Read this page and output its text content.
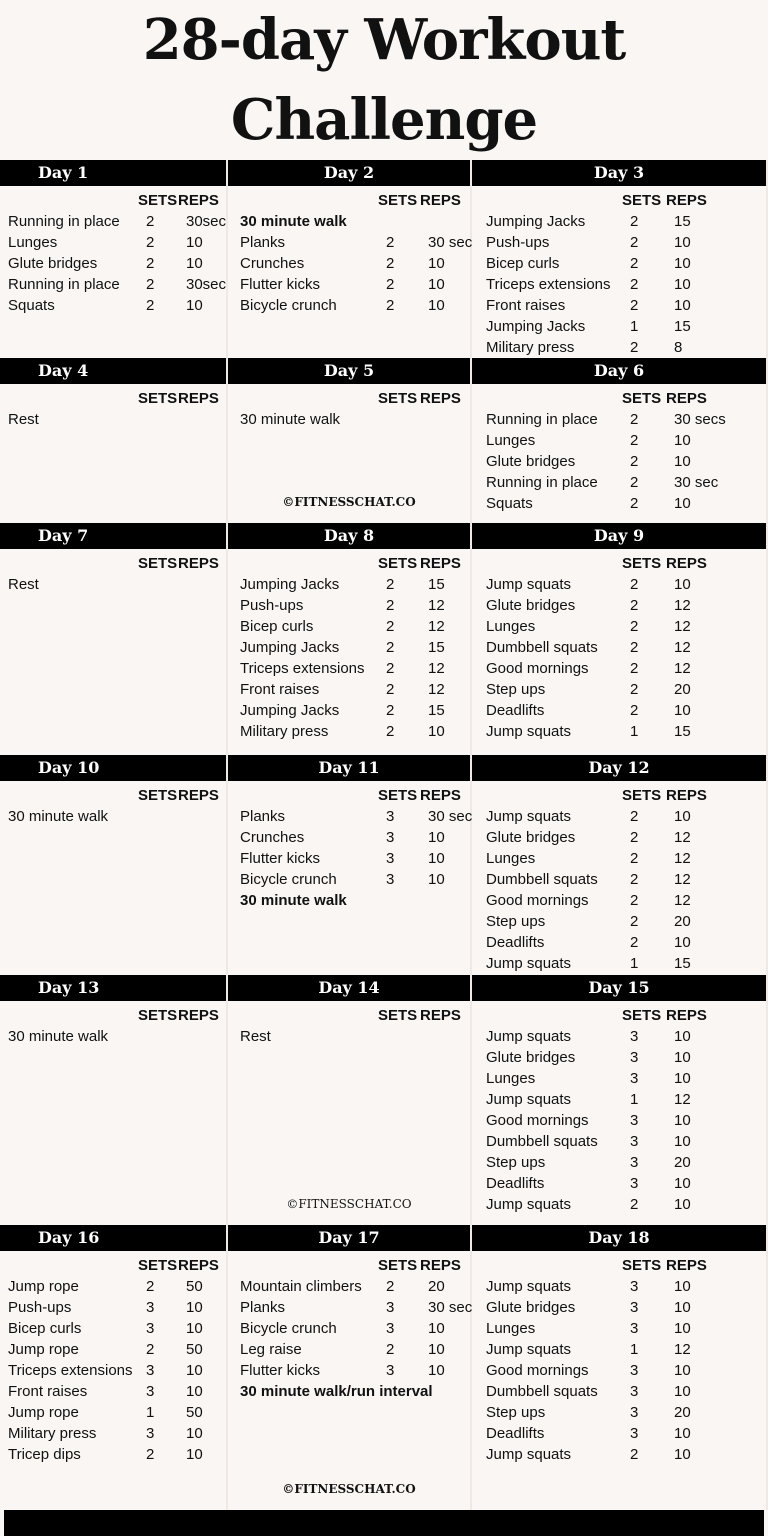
28-day Workout
Challenge
Day 1
SETS REPS
Running in place	2	30sec
Lunges	2	10
Glute bridges	2	10
Running in place	2	30sec
Squats	2	10
Day 2
SETS REPS
30 minute walk
Planks	2	30 sec
Crunches	2	10
Flutter kicks	2	10
Bicycle crunch	2	10
Day 3
SETS REPS
Jumping Jacks	2	15
Push-ups	2	10
Bicep curls	2	10
Triceps extensions	2	10
Front raises	2	10
Jumping Jacks	1	15
Military press	2	8
Day 4
SETS REPS
Rest
Day 5
SETS REPS
30 minute walk
©FITNESSCHAT.CO
Day 6
SETS REPS
Running in place	2	30 secs
Lunges	2	10
Glute bridges	2	10
Running in place	2	30 sec
Squats	2	10
Day 7
SETS REPS
Rest
Day 8
SETS REPS
Jumping Jacks	2	15
Push-ups	2	12
Bicep curls	2	12
Jumping Jacks	2	15
Triceps extensions	2	12
Front raises	2	12
Jumping Jacks	2	15
Military press	2	10
Day 9
SETS REPS
Jump squats	2	10
Glute bridges	2	12
Lunges	2	12
Dumbbell squats	2	12
Good mornings	2	12
Step ups	2	20
Deadlifts	2	10
Jump squats	1	15
Day 10
SETS REPS
30 minute walk
Day 11
SETS REPS
Planks	3	30 sec
Crunches	3	10
Flutter kicks	3	10
Bicycle crunch	3	10
30 minute walk
Day 12
SETS REPS
Jump squats	2	10
Glute bridges	2	12
Lunges	2	12
Dumbbell squats	2	12
Good mornings	2	12
Step ups	2	20
Deadlifts	2	10
Jump squats	1	15
Day 13
SETS REPS
30 minute walk
Day 14
SETS REPS
Rest
©FITNESSCHAT.CO
Day 15
SETS REPS
Jump squats	3	10
Glute bridges	3	10
Lunges	3	10
Jump squats	1	12
Good mornings	3	10
Dumbbell squats	3	10
Step ups	3	20
Deadlifts	3	10
Jump squats	2	10
Day 16
SETS REPS
Jump rope	2	50
Push-ups	3	10
Bicep curls	3	10
Jump rope	2	50
Triceps extensions 3	10
Front raises	3	10
Jump rope	1	50
Military press	3	10
Tricep dips	2	10
Day 17
SETS REPS
Mountain climbers	2	20
Planks	3	30 sec
Bicycle crunch	3	10
Leg raise	2	10
Flutter kicks	3	10
30 minute walk/run interval
©FITNESSCHAT.CO
Day 18
SETS REPS
Jump squats	3	10
Glute bridges	3	10
Lunges	3	10
Jump squats	1	12
Good mornings	3	10
Dumbbell squats	3	10
Step ups	3	20
Deadlifts	3	10
Jump squats	2	10
